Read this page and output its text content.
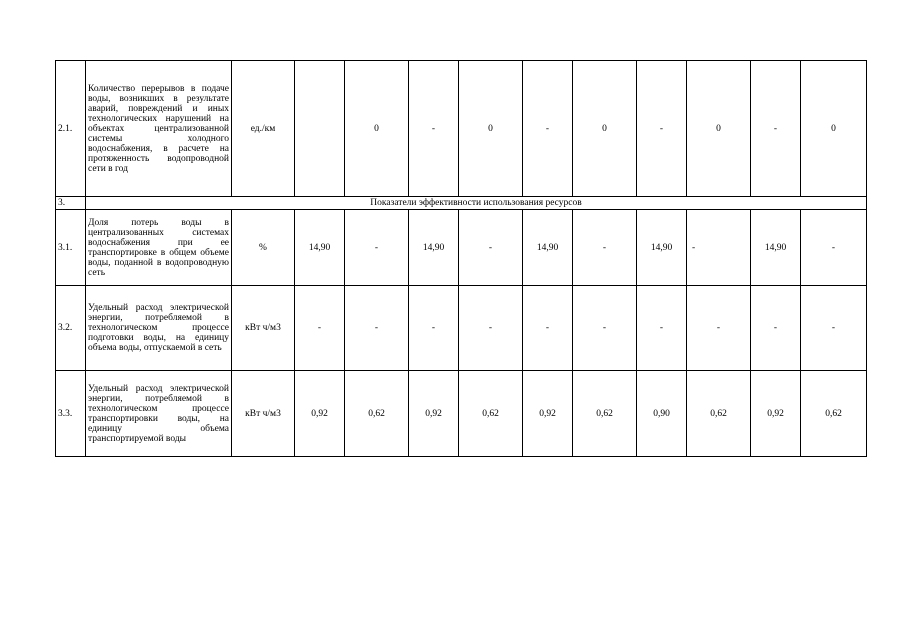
2.1.	Количество перерывов в подаче воды, возникших в результате аварий, повреждений и иных технологических нарушений на объектах централизованной системы холодного водоснабжения, в расчете на протяженность водопроводной сети в год	ед./км		0	-	0	-	0	-	0	-	0
3.	Показатели эффективности использования ресурсов											
3.1.	Доля потерь воды в централизованных системах водоснабжения при ее транспортировке в общем объеме воды, поданной в водопроводную сеть	%	14,90	-	14,90	-	14,90	-	14,90	-	14,90	-
3.2.	Удельный расход электрической энергии, потребляемой в технологическом процессе подготовки воды, на единицу объема воды, отпускаемой в сеть	кВт ч/м3	-	-	-	-	-	-	-	-	-	-
3.3.	Удельный расход электрической энергии, потребляемой в технологическом процессе транспортировки воды, на единицу объема транспортируемой воды	кВт ч/м3	0,92	0,62	0,92	0,62	0,92	0,62	0,90	0,62	0,92	0,62
